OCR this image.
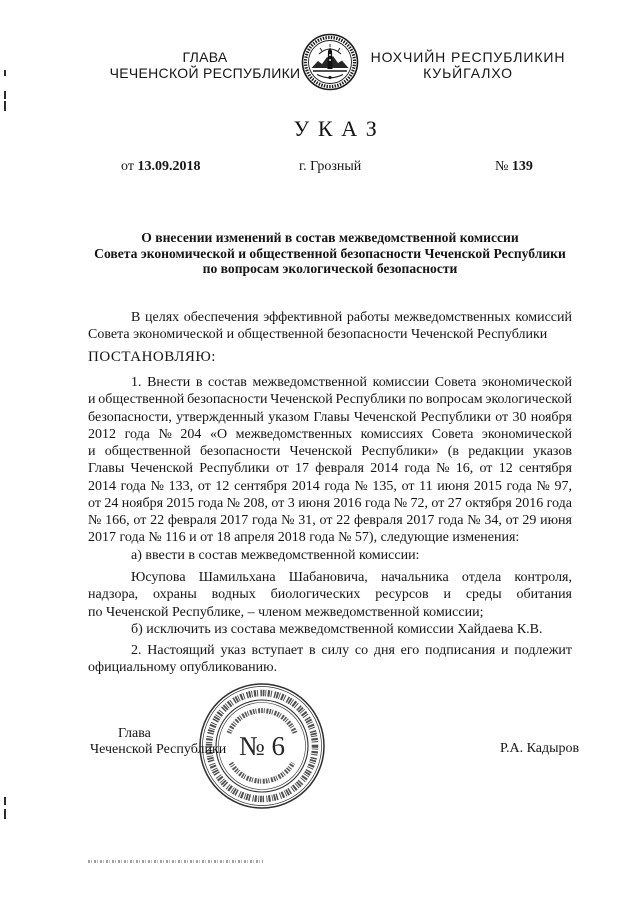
ГЛАВА
ЧЕЧЕНСКОЙ РЕСПУБЛИКИ
НОХЧИЙН РЕСПУБЛИКИН
КУЬЙГАЛХО
У К А З
от 13.09.2018	г. Грозный	№ 139
О внесении изменений в состав межведомственной комиссии
Совета экономической и общественной безопасности Чеченской Республики
по вопросам экологической безопасности
В целях обеспечения эффективной работы межведомственных комиссий
Совета экономической и общественной безопасности Чеченской Республики
ПОСТАНОВЛЯЮ:
1. Внести в состав межведомственной комиссии Совета экономической
и общественной безопасности Чеченской Республики по вопросам экологической
безопасности, утвержденный указом Главы Чеченской Республики от 30 ноября
2012 года № 204 «О межведомственных комиссиях Совета экономической
и общественной безопасности Чеченской Республики» (в редакции указов
Главы Чеченской Республики от 17 февраля 2014 года № 16, от 12 сентября
2014 года № 133, от 12 сентября 2014 года № 135, от 11 июня 2015 года № 97,
от 24 ноября 2015 года № 208, от 3 июня 2016 года № 72, от 27 октября 2016 года
№ 166, от 22 февраля 2017 года № 31, от 22 февраля 2017 года № 34, от 29 июня
2017 года № 116 и от 18 апреля 2018 года № 57), следующие изменения:
а) ввести в состав межведомственной комиссии:
Юсупова Шамильхана Шабановича, начальника отдела контроля,
надзора, охраны водных биологических ресурсов и среды обитания
по Чеченской Республике, – членом межведомственной комиссии;
б) исключить из состава межведомственной комиссии Хайдаева К.В.
2. Настоящий указ вступает в силу со дня его подписания и подлежит
официальному опубликованию.
Глава
Чеченской Республики	Р.А. Кадыров
№ 6
